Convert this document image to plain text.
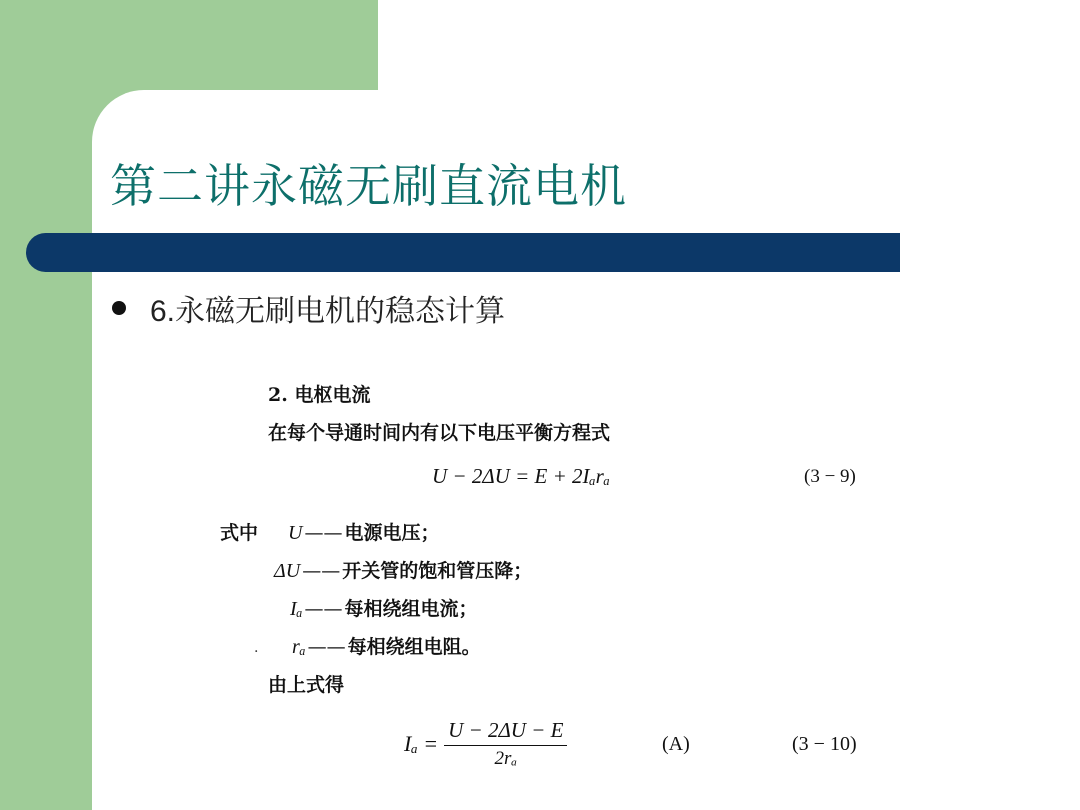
第二讲永磁无刷直流电机
6.永磁无刷电机的稳态计算
2. 电枢电流
在每个导通时间内有以下电压平衡方程式
U − 2ΔU = E + 2Iₐrₐ	(3 − 9)
式中 U —— 电源电压；
ΔU —— 开关管的饱和管压降；
Iₐ —— 每相绕组电流；
rₐ —— 每相绕组电阻。
.
由上式得
$I_a = \frac{U - 2\Delta U - E}{\text{2rₐ}}$	(A)	(3 − 10)
